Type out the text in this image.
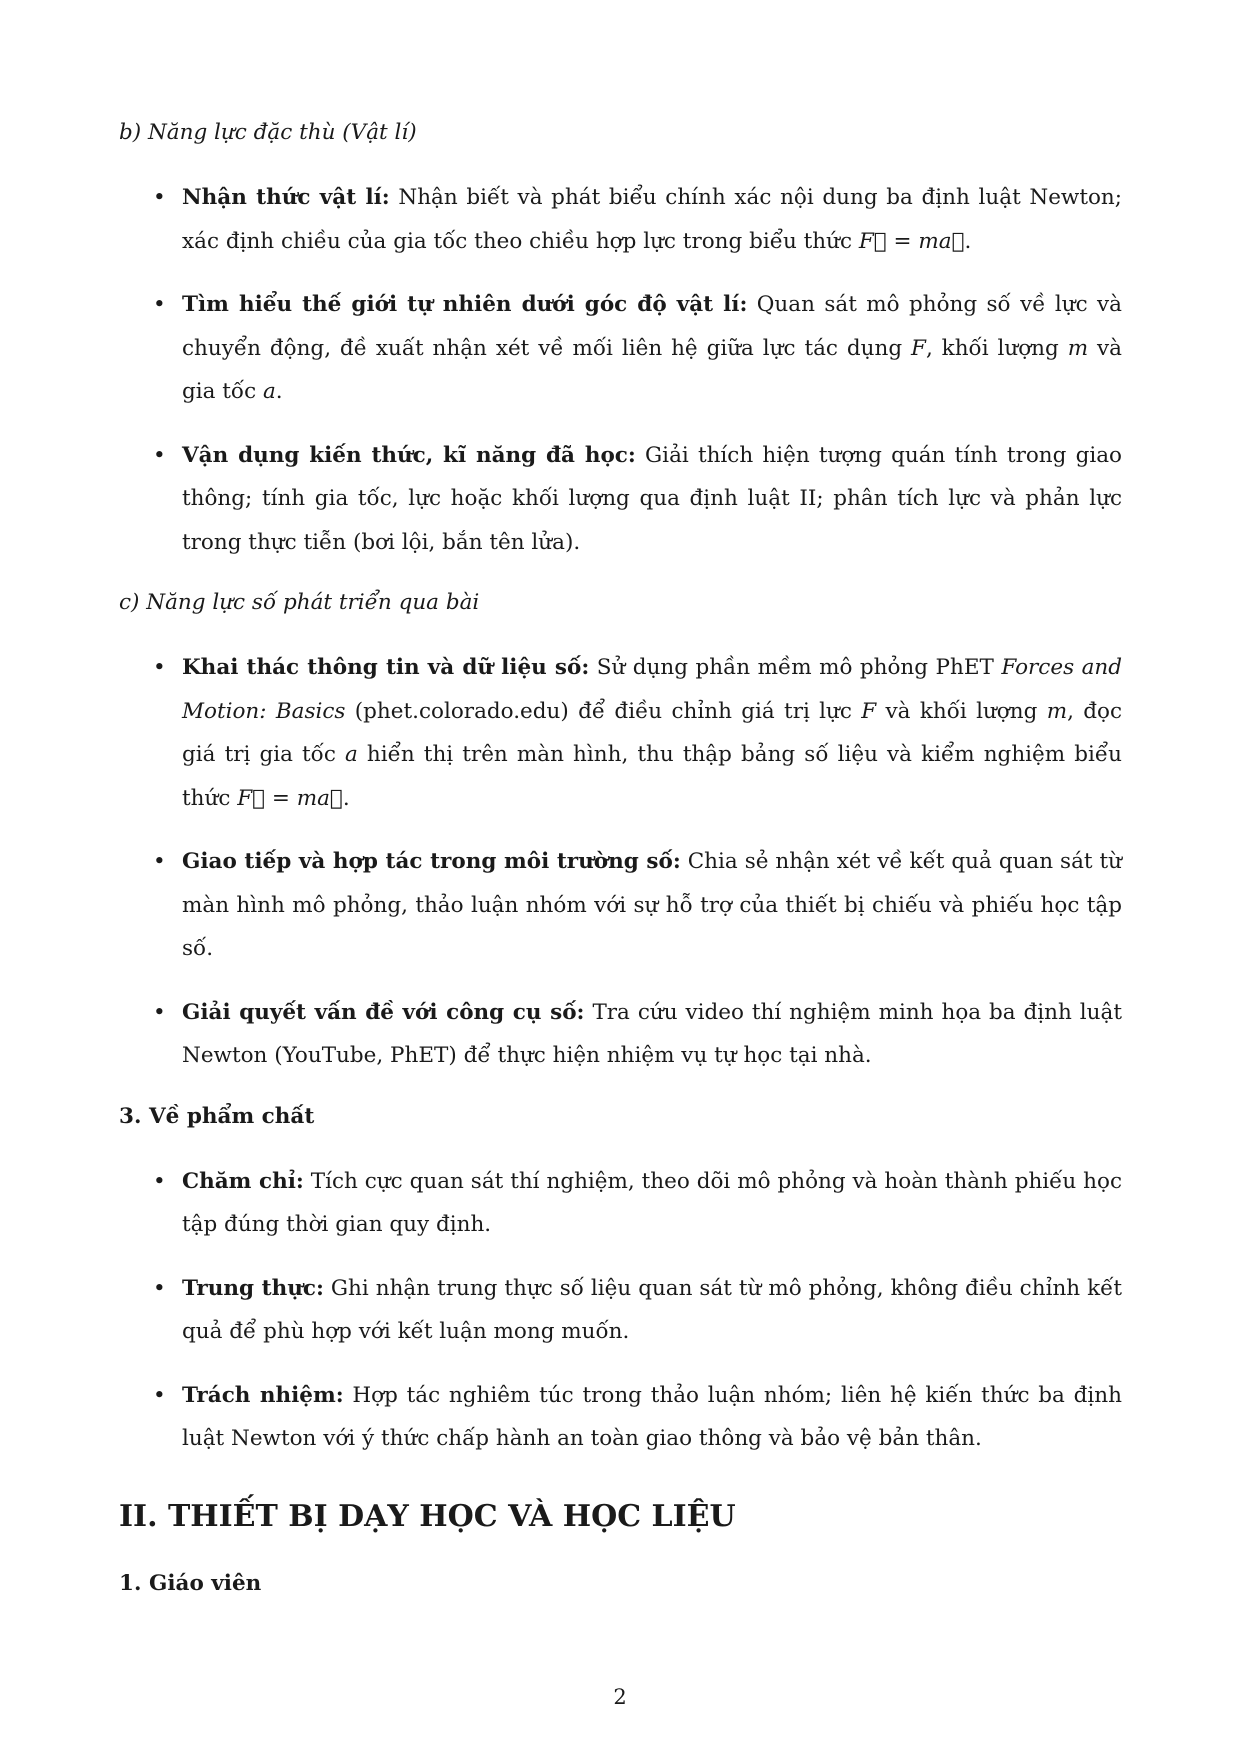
b) Năng lực đặc thù (Vật lí)

• Nhận thức vật lí: Nhận biết và phát biểu chính xác nội dung ba định luật Newton; xác định chiều của gia tốc theo chiều hợp lực trong biểu thức F⃗ = ma⃗.
• Tìm hiểu thế giới tự nhiên dưới góc độ vật lí: Quan sát mô phỏng số về lực và chuyển động, đề xuất nhận xét về mối liên hệ giữa lực tác dụng F, khối lượng m và gia tốc a.
• Vận dụng kiến thức, kĩ năng đã học: Giải thích hiện tượng quán tính trong giao thông; tính gia tốc, lực hoặc khối lượng qua định luật II; phân tích lực và phản lực trong thực tiễn (bơi lội, bắn tên lửa).

c) Năng lực số phát triển qua bài

• Khai thác thông tin và dữ liệu số: Sử dụng phần mềm mô phỏng PhET Forces and Motion: Basics (phet.colorado.edu) để điều chỉnh giá trị lực F và khối lượng m, đọc giá trị gia tốc a hiển thị trên màn hình, thu thập bảng số liệu và kiểm nghiệm biểu thức F⃗ = ma⃗.
• Giao tiếp và hợp tác trong môi trường số: Chia sẻ nhận xét về kết quả quan sát từ màn hình mô phỏng, thảo luận nhóm với sự hỗ trợ của thiết bị chiếu và phiếu học tập số.
• Giải quyết vấn đề với công cụ số: Tra cứu video thí nghiệm minh họa ba định luật Newton (YouTube, PhET) để thực hiện nhiệm vụ tự học tại nhà.

3. Về phẩm chất

• Chăm chỉ: Tích cực quan sát thí nghiệm, theo dõi mô phỏng và hoàn thành phiếu học tập đúng thời gian quy định.
• Trung thực: Ghi nhận trung thực số liệu quan sát từ mô phỏng, không điều chỉnh kết quả để phù hợp với kết luận mong muốn.
• Trách nhiệm: Hợp tác nghiêm túc trong thảo luận nhóm; liên hệ kiến thức ba định luật Newton với ý thức chấp hành an toàn giao thông và bảo vệ bản thân.
II. THIẾT BỊ DẠY HỌC VÀ HỌC LIỆU

1. Giáo viên

2
